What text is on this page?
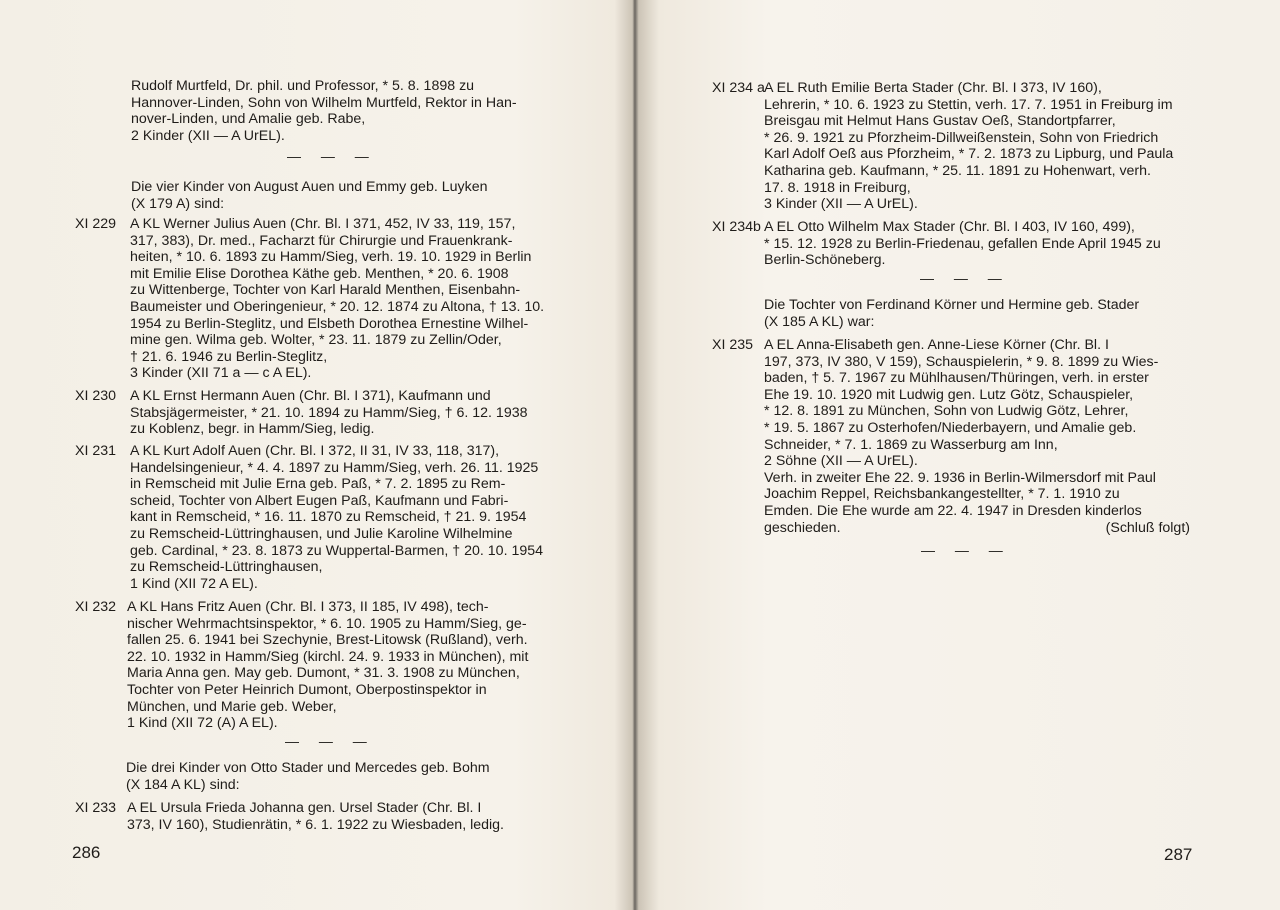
Rudolf Murtfeld, Dr. phil. und Professor, * 5. 8. 1898 zu
Hannover-Linden, Sohn von Wilhelm Murtfeld, Rektor in Han-
nover-Linden, und Amalie geb. Rabe,
2 Kinder (XII — A UrEL).
— — —
Die vier Kinder von August Auen und Emmy geb. Luyken
(X 179 A) sind:
XI 229 A KL Werner Julius Auen (Chr. Bl. I 371, 452, IV 33, 119, 157,
317, 383), Dr. med., Facharzt für Chirurgie und Frauenkrank-
heiten, * 10. 6. 1893 zu Hamm/Sieg, verh. 19. 10. 1929 in Berlin
mit Emilie Elise Dorothea Käthe geb. Menthen, * 20. 6. 1908
zu Wittenberge, Tochter von Karl Harald Menthen, Eisenbahn-
Baumeister und Oberingenieur, * 20. 12. 1874 zu Altona, † 13. 10.
1954 zu Berlin-Steglitz, und Elsbeth Dorothea Ernestine Wilhel-
mine gen. Wilma geb. Wolter, * 23. 11. 1879 zu Zellin/Oder,
† 21. 6. 1946 zu Berlin-Steglitz,
3 Kinder (XII 71 a — c A EL).
XI 230 A KL Ernst Hermann Auen (Chr. Bl. I 371), Kaufmann und
Stabsjägermeister, * 21. 10. 1894 zu Hamm/Sieg, † 6. 12. 1938
zu Koblenz, begr. in Hamm/Sieg, ledig.
XI 231 A KL Kurt Adolf Auen (Chr. Bl. I 372, II 31, IV 33, 118, 317),
Handelsingenieur, * 4. 4. 1897 zu Hamm/Sieg, verh. 26. 11. 1925
in Remscheid mit Julie Erna geb. Paß, * 7. 2. 1895 zu Rem-
scheid, Tochter von Albert Eugen Paß, Kaufmann und Fabri-
kant in Remscheid, * 16. 11. 1870 zu Remscheid, † 21. 9. 1954
zu Remscheid-Lüttringhausen, und Julie Karoline Wilhelmine
geb. Cardinal, * 23. 8. 1873 zu Wuppertal-Barmen, † 20. 10. 1954
zu Remscheid-Lüttringhausen,
1 Kind (XII 72 A EL).
XI 232 A KL Hans Fritz Auen (Chr. Bl. I 373, II 185, IV 498), tech-
nischer Wehrmachtsinspektor, * 6. 10. 1905 zu Hamm/Sieg, ge-
fallen 25. 6. 1941 bei Szechynie, Brest-Litowsk (Rußland), verh.
22. 10. 1932 in Hamm/Sieg (kirchl. 24. 9. 1933 in München), mit
Maria Anna gen. May geb. Dumont, * 31. 3. 1908 zu München,
Tochter von Peter Heinrich Dumont, Oberpostinspektor in
München, und Marie geb. Weber,
1 Kind (XII 72 (A) A EL).
— — —
Die drei Kinder von Otto Stader und Mercedes geb. Bohm
(X 184 A KL) sind:
XI 233 A EL Ursula Frieda Johanna gen. Ursel Stader (Chr. Bl. I
373, IV 160), Studienrätin, * 6. 1. 1922 zu Wiesbaden, ledig.
286
XI 234 a A EL Ruth Emilie Berta Stader (Chr. Bl. I 373, IV 160),
Lehrerin, * 10. 6. 1923 zu Stettin, verh. 17. 7. 1951 in Freiburg im
Breisgau mit Helmut Hans Gustav Oeß, Standortpfarrer,
* 26. 9. 1921 zu Pforzheim-Dillweißenstein, Sohn von Friedrich
Karl Adolf Oeß aus Pforzheim, * 7. 2. 1873 zu Lipburg, und Paula
Katharina geb. Kaufmann, * 25. 11. 1891 zu Hohenwart, verh.
17. 8. 1918 in Freiburg,
3 Kinder (XII — A UrEL).
XI 234b A EL Otto Wilhelm Max Stader (Chr. Bl. I 403, IV 160, 499),
* 15. 12. 1928 zu Berlin-Friedenau, gefallen Ende April 1945 zu
Berlin-Schöneberg.
— — —
Die Tochter von Ferdinand Körner und Hermine geb. Stader
(X 185 A KL) war:
XI 235 A EL Anna-Elisabeth gen. Anne-Liese Körner (Chr. Bl. I
197, 373, IV 380, V 159), Schauspielerin, * 9. 8. 1899 zu Wies-
baden, † 5. 7. 1967 zu Mühlhausen/Thüringen, verh. in erster
Ehe 19. 10. 1920 mit Ludwig gen. Lutz Götz, Schauspieler,
* 12. 8. 1891 zu München, Sohn von Ludwig Götz, Lehrer,
* 19. 5. 1867 zu Osterhofen/Niederbayern, und Amalie geb.
Schneider, * 7. 1. 1869 zu Wasserburg am Inn,
2 Söhne (XII — A UrEL).
Verh. in zweiter Ehe 22. 9. 1936 in Berlin-Wilmersdorf mit Paul
Joachim Reppel, Reichsbankangestellter, * 7. 1. 1910 zu
Emden. Die Ehe wurde am 22. 4. 1947 in Dresden kinderlos
geschieden.	(Schluß folgt)
— — —
287
